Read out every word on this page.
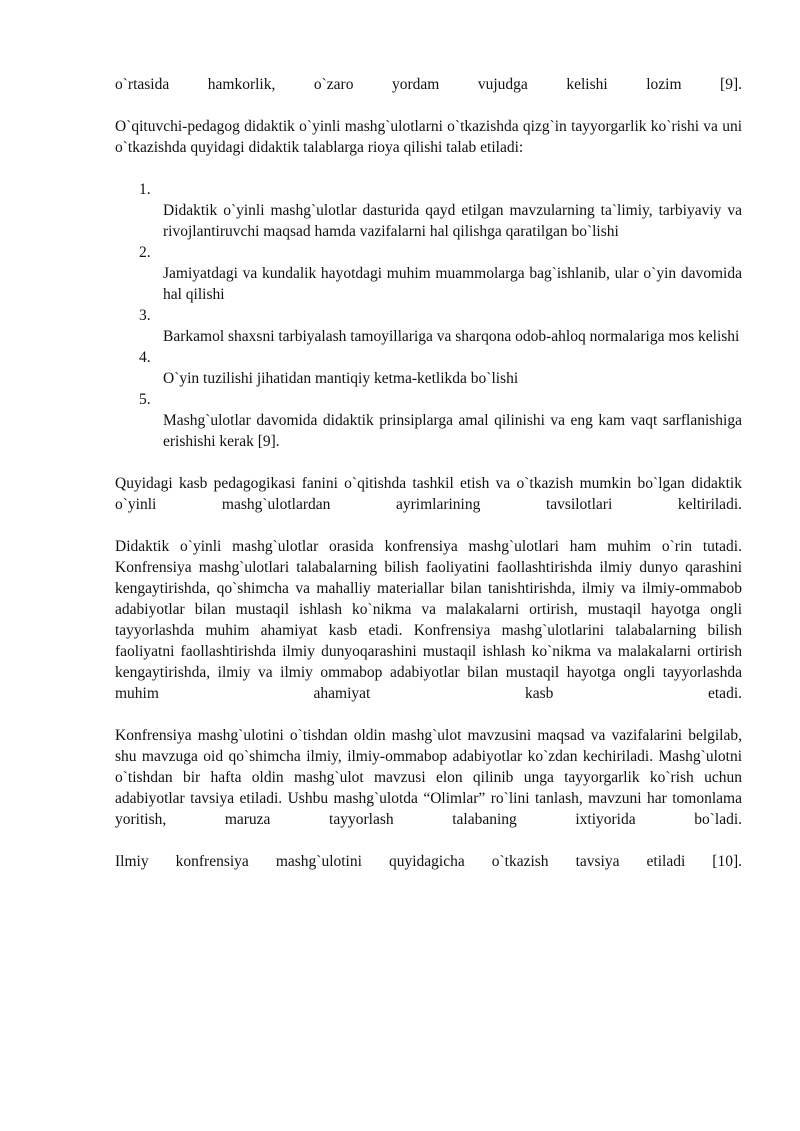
o`rtasida hamkorlik, o`zaro yordam vujudga kelishi lozim [9].

O`qituvchi-pedagog didaktik o`yinli mashg`ulotlarni o`tkazishda qizg`in tayyorgarlik ko`rishi va uni o`tkazishda quyidagi didaktik talablarga rioya qilishi talab etiladi:

1.

Didaktik o`yinli mashg`ulotlar dasturida qayd etilgan mavzularning ta`limiy, tarbiyaviy va rivojlantiruvchi maqsad hamda vazifalarni hal qilishga qaratilgan bo`lishi

2.

Jamiyatdagi va kundalik hayotdagi muhim muammolarga bag`ishlanib, ular o`yin davomida hal qilishi

3.

Barkamol shaxsni tarbiyalash tamoyillariga va sharqona odob-ahloq normalariga mos kelishi

4.

O`yin tuzilishi jihatidan mantiqiy ketma-ketlikda bo`lishi

5.

Mashg`ulotlar davomida didaktik prinsiplarga amal qilinishi va eng kam vaqt sarflanishiga erishishi kerak [9].

Quyidagi kasb pedagogikasi fanini o`qitishda tashkil etish va o`tkazish mumkin bo`lgan didaktik o`yinli mashg`ulotlardan ayrimlarining tavsilotlari keltiriladi.

Didaktik o`yinli mashg`ulotlar orasida konfrensiya mashg`ulotlari ham muhim o`rin tutadi. Konfrensiya mashg`ulotlari talabalarning bilish faoliyatini faollashtirishda ilmiy dunyo qarashini kengaytirishda, qo`shimcha va mahalliy materiallar bilan tanishtirishda, ilmiy va ilmiy-ommabob adabiyotlar bilan mustaqil ishlash ko`nikma va malakalarni ortirish, mustaqil hayotga ongli tayyorlashda muhim ahamiyat kasb etadi. Konfrensiya mashg`ulotlarini talabalarning bilish faoliyatni faollashtirishda ilmiy dunyoqarashini mustaqil ishlash ko`nikma va malakalarni ortirish kengaytirishda, ilmiy va ilmiy ommabop adabiyotlar bilan mustaqil hayotga ongli tayyorlashda muhim ahamiyat kasb etadi.

Konfrensiya mashg`ulotini o`tishdan oldin mashg`ulot mavzusini maqsad va vazifalarini belgilab, shu mavzuga oid qo`shimcha ilmiy, ilmiy-ommabop adabiyotlar ko`zdan kechiriladi. Mashg`ulotni o`tishdan bir hafta oldin mashg`ulot mavzusi elon qilinib unga tayyorgarlik ko`rish uchun adabiyotlar tavsiya etiladi. Ushbu mashg`ulotda “Olimlar” ro`lini tanlash, mavzuni har tomonlama yoritish, maruza tayyorlash talabaning ixtiyorida bo`ladi.

Ilmiy konfrensiya mashg`ulotini quyidagicha o`tkazish tavsiya etiladi [10].
